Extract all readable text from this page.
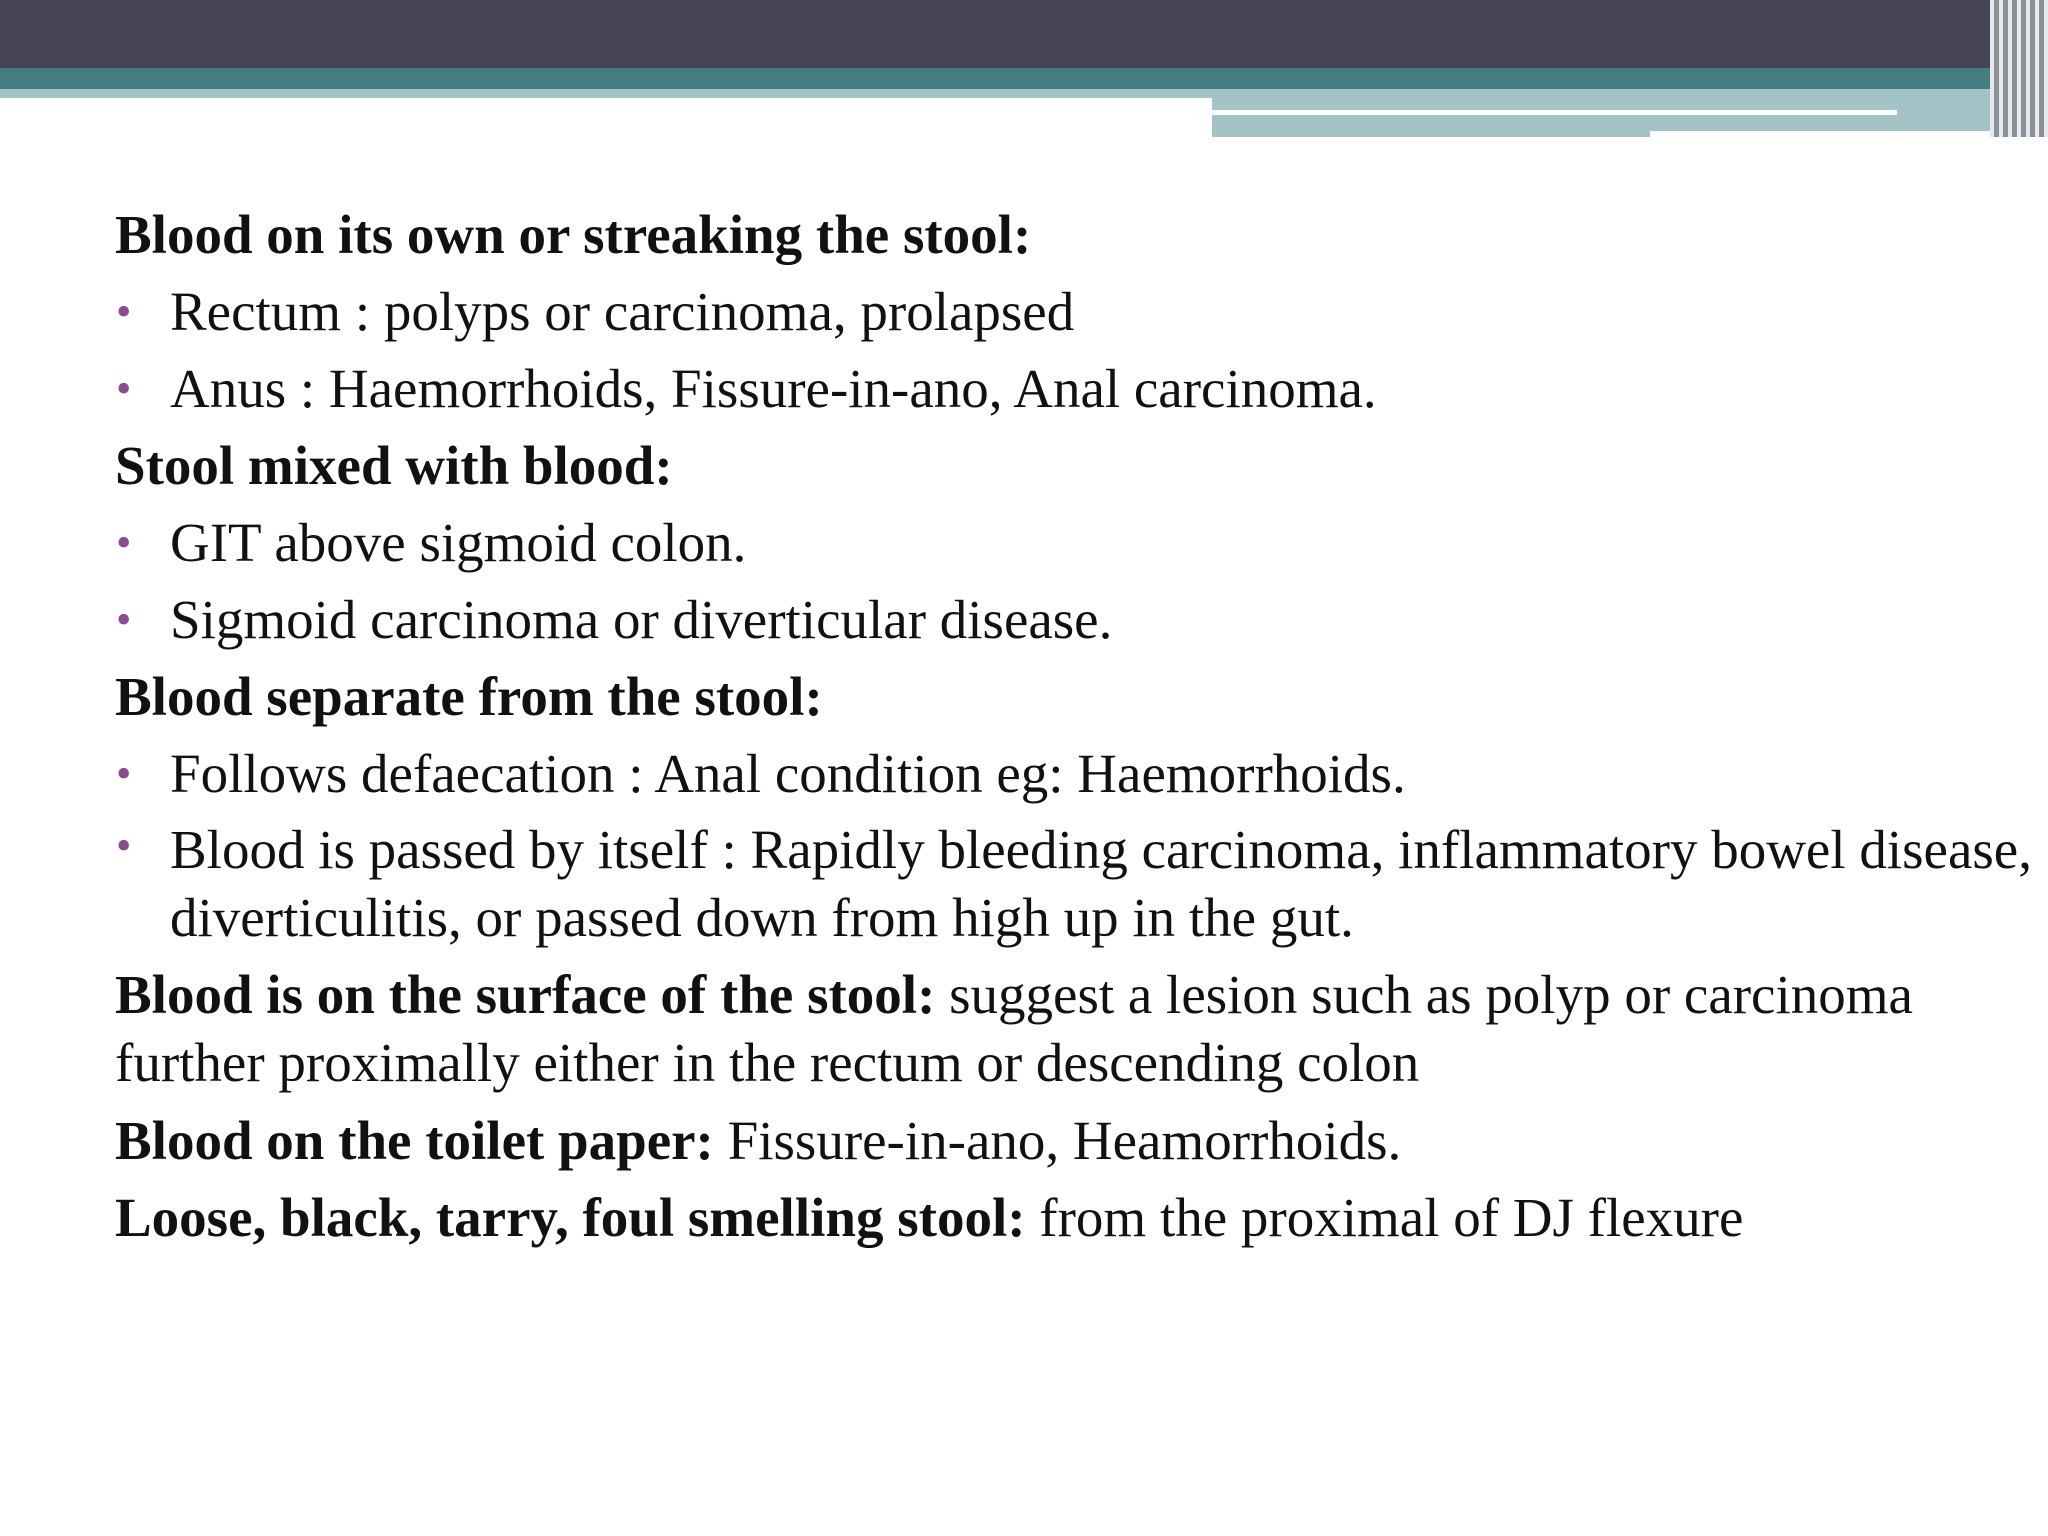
Blood on its own or streaking the stool:
• Rectum : polyps or carcinoma, prolapsed
• Anus : Haemorrhoids, Fissure-in-ano, Anal carcinoma.
Stool mixed with blood:
• GIT above sigmoid colon.
• Sigmoid carcinoma or diverticular disease.
Blood separate from the stool:
• Follows defaecation : Anal condition eg: Haemorrhoids.
• Blood is passed by itself : Rapidly bleeding carcinoma, inflammatory bowel disease, diverticulitis, or passed down from high up in the gut.
Blood is on the surface of the stool: suggest a lesion such as polyp or carcinoma further proximally either in the rectum or descending colon
Blood on the toilet paper: Fissure-in-ano, Heamorrhoids.
Loose, black, tarry, foul smelling stool: from the proximal of DJ flexure
